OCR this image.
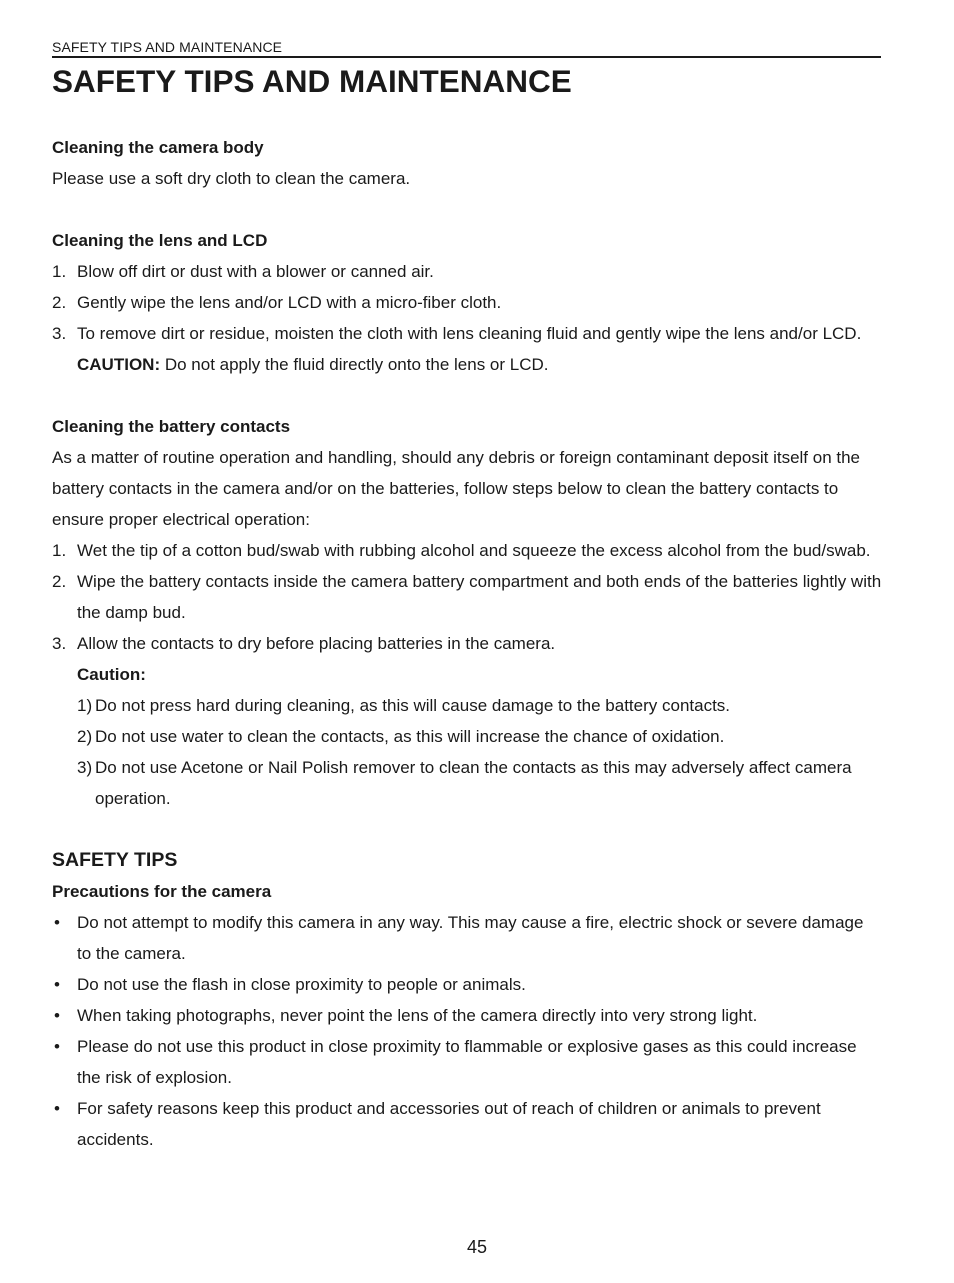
SAFETY TIPS AND MAINTENANCE
SAFETY TIPS AND MAINTENANCE
Cleaning the camera body
Please use a soft dry cloth to clean the camera.
Cleaning the lens and LCD
1. Blow off dirt or dust with a blower or canned air.
2. Gently wipe the lens and/or LCD with a micro-fiber cloth.
3. To remove dirt or residue, moisten the cloth with lens cleaning fluid and gently wipe the lens and/or LCD.
CAUTION: Do not apply the fluid directly onto the lens or LCD.
Cleaning the battery contacts
As a matter of routine operation and handling, should any debris or foreign contaminant deposit itself on the battery contacts in the camera and/or on the batteries, follow steps below to clean the battery contacts to ensure proper electrical operation:
1. Wet the tip of a cotton bud/swab with rubbing alcohol and squeeze the excess alcohol from the bud/swab.
2. Wipe the battery contacts inside the camera battery compartment and both ends of the batteries lightly with the damp bud.
3. Allow the contacts to dry before placing batteries in the camera.
Caution:
1) Do not press hard during cleaning, as this will cause damage to the battery contacts.
2) Do not use water to clean the contacts, as this will increase the chance of oxidation.
3) Do not use Acetone or Nail Polish remover to clean the contacts as this may adversely affect camera operation.
SAFETY TIPS
Precautions for the camera
• Do not attempt to modify this camera in any way. This may cause a fire, electric shock or severe damage to the camera.
• Do not use the flash in close proximity to people or animals.
• When taking photographs, never point the lens of the camera directly into very strong light.
• Please do not use this product in close proximity to flammable or explosive gases as this could increase the risk of explosion.
• For safety reasons keep this product and accessories out of reach of children or animals to prevent accidents.
45
